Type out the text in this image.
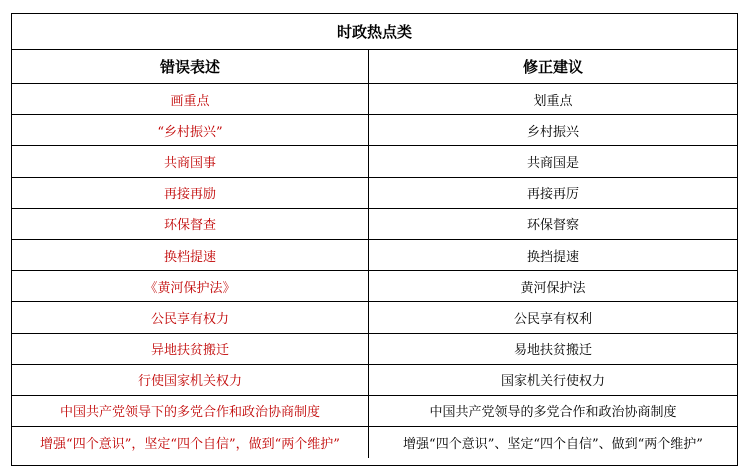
时政热点类
错误表述	修正建议
画重点	划重点
“乡村振兴”	乡村振兴
共商国事	共商国是
再接再励	再接再厉
环保督查	环保督察
换档提速	换挡提速
《黄河保护法》	黄河保护法
公民享有权力	公民享有权利
异地扶贫搬迁	易地扶贫搬迁
行使国家机关权力	国家机关行使权力
中国共产党领导下的多党合作和政治协商制度	中国共产党领导的多党合作和政治协商制度
增强“四个意识”，坚定“四个自信”，做到“两个维护”	增强“四个意识”、坚定“四个自信”、做到“两个维护”
